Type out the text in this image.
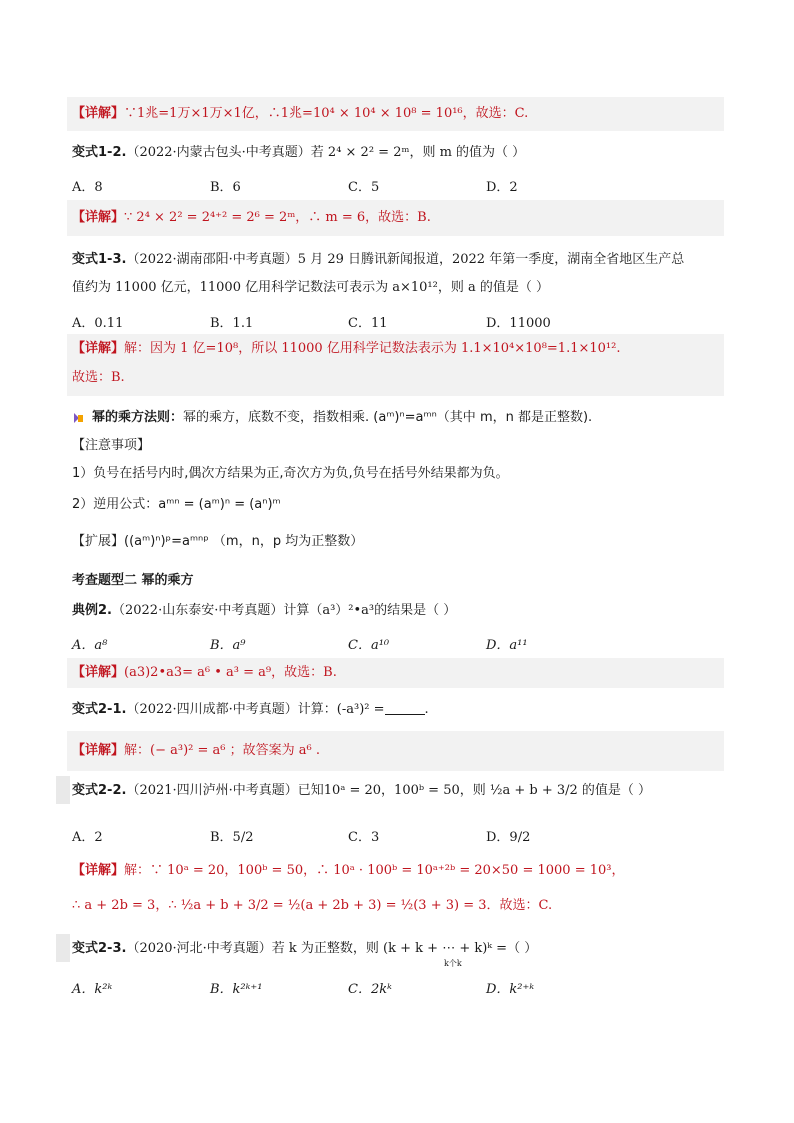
【详解】∵1兆=1万×1万×1亿，∴1兆=10⁴ × 10⁴ × 10⁸ = 10¹⁶，故选：C.
变式1-2.（2022·内蒙古包头·中考真题）若 2⁴ × 2² = 2ᵐ，则 m 的值为（ ）
A．8	B．6	C．5	D．2
【详解】∵ 2⁴ × 2² = 2⁴⁺² = 2⁶ = 2ᵐ，∴ m = 6，故选：B.
变式1-3.（2022·湖南邵阳·中考真题）5 月 29 日腾讯新闻报道，2022 年第一季度，湖南全省地区生产总
值约为 11000 亿元，11000 亿用科学记数法可表示为 a×10¹²，则 a 的值是（ ）
A．0.11	B．1.1	C．11	D．11000
【详解】解：因为 1 亿=10⁸，所以 11000 亿用科学记数法表示为 1.1×10⁴×10⁸=1.1×10¹².
故选：B.
幂的乘方法则：幂的乘方，底数不变，指数相乘. (aᵐ)ⁿ=aᵐⁿ（其中 m，n 都是正整数).
【注意事项】
1）负号在括号内时,偶次方结果为正,奇次方为负,负号在括号外结果都为负。
2）逆用公式：aᵐⁿ = (aᵐ)ⁿ = (aⁿ)ᵐ
【扩展】((aᵐ)ⁿ)ᵖ=aᵐⁿᵖ （m，n，p 均为正整数）
考查题型二 幂的乘方
典例2.（2022·山东泰安·中考真题）计算（a³）²•a³的结果是（ ）
A．a⁸	B．a⁹	C．a¹⁰	D．a¹¹
【详解】(a3)2•a3= a⁶ • a³ = a⁹，故选：B.
变式2-1.（2022·四川成都·中考真题）计算：(-a³)² =	.
【详解】解：(− a³)² = a⁶ ；故答案为 a⁶ .
变式2-2.（2021·四川泸州·中考真题）已知10ᵃ = 20，100ᵇ = 50，则 ½a + b + 3/2 的值是（ ）
A．2	B．5/2	C．3	D．9/2
【详解】解：∵ 10ᵃ = 20，100ᵇ = 50，∴ 10ᵃ · 100ᵇ = 10ᵃ⁺²ᵇ = 20×50 = 1000 = 10³，
∴ a + 2b = 3，∴ ½a + b + 3/2 = ½(a + 2b + 3) = ½(3 + 3) = 3．故选：C.
变式2-3.（2020·河北·中考真题）若 k 为正整数，则 (k + k + ⋯ + k)ᵏ =（ ）
k个k
A．k²ᵏ	B．k²ᵏ⁺¹	C．2kᵏ	D．k²⁺ᵏ
